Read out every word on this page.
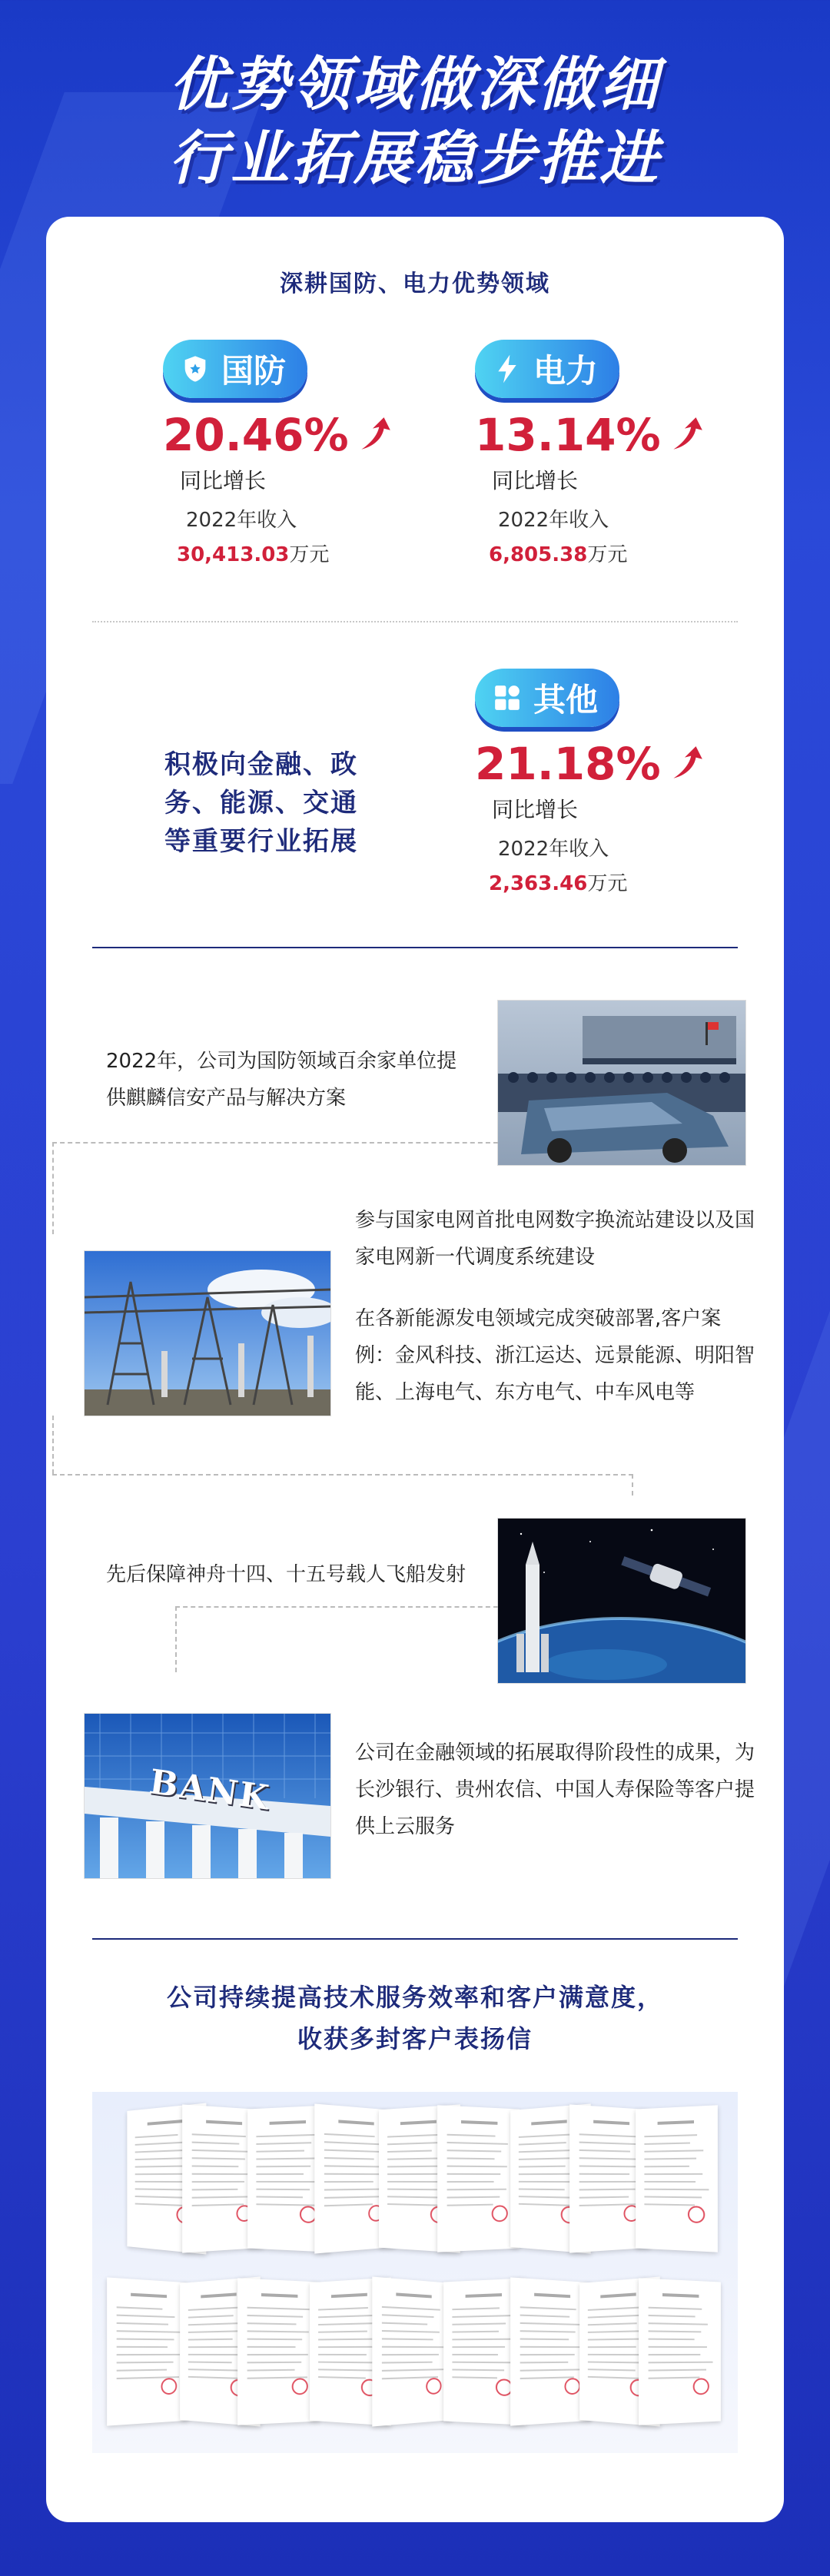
优势领域做深做细
行业拓展稳步推进
深耕国防、电力优势领域
国防
20.46%
同比增长
2022年收入
30,413.03万元
电力
13.14%
同比增长
2022年收入
6,805.38万元
积极向金融、政
务、能源、交通
等重要行业拓展
其他
21.18%
同比增长
2022年收入
2,363.46万元
2022年，公司为国防领域百余家单位提供麒麟信安产品与解决方案
参与国家电网首批电网数字换流站建设以及国家电网新一代调度系统建设
在各新能源发电领域完成突破部署,客户案例：金风科技、浙江运达、远景能源、明阳智能、上海电气、东方电气、中车风电等
先后保障神舟十四、十五号载人飞船发射
BANK
公司在金融领域的拓展取得阶段性的成果，为长沙银行、贵州农信、中国人寿保险等客户提供上云服务
公司持续提高技术服务效率和客户满意度，
收获多封客户表扬信
